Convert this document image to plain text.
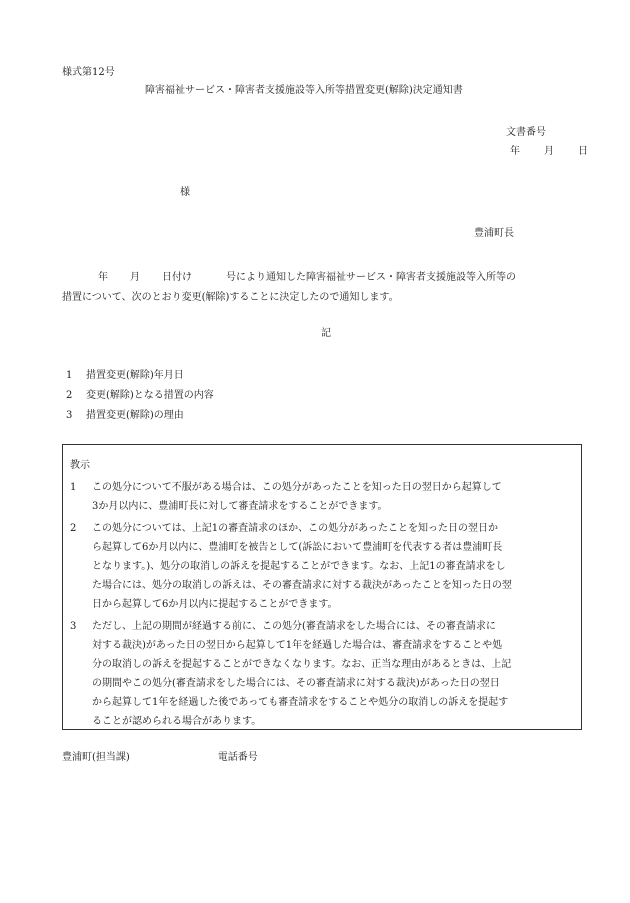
様式第12号
障害福祉サービス・障害者支援施設等入所等措置変更(解除)決定通知書
文書番号
年 月 日
様
豊浦町長
年 月 日付け	号により通知した障害福祉サービス・障害者支援施設等入所等の
措置について、次のとおり変更(解除)することに決定したので通知します。
記
1 措置変更(解除)年月日
2 変更(解除)となる措置の内容
3 措置変更(解除)の理由
教示
1 この処分について不服がある場合は、この処分があったことを知った日の翌日から起算して
3か月以内に、豊浦町長に対して審査請求をすることができます。
2 この処分については、上記1の審査請求のほか、この処分があったことを知った日の翌日か
ら起算して6か月以内に、豊浦町を被告として(訴訟において豊浦町を代表する者は豊浦町長
となります。)、処分の取消しの訴えを提起することができます。なお、上記1の審査請求をし
た場合には、処分の取消しの訴えは、その審査請求に対する裁決があったことを知った日の翌
日から起算して6か月以内に提起することができます。
3 ただし、上記の期間が経過する前に、この処分(審査請求をした場合には、その審査請求に
対する裁決)があった日の翌日から起算して1年を経過した場合は、審査請求をすることや処
分の取消しの訴えを提起することができなくなります。なお、正当な理由があるときは、上記
の期間やこの処分(審査請求をした場合には、その審査請求に対する裁決)があった日の翌日
から起算して1年を経過した後であっても審査請求をすることや処分の取消しの訴えを提起す
ることが認められる場合があります。
豊浦町(担当課)	電話番号
